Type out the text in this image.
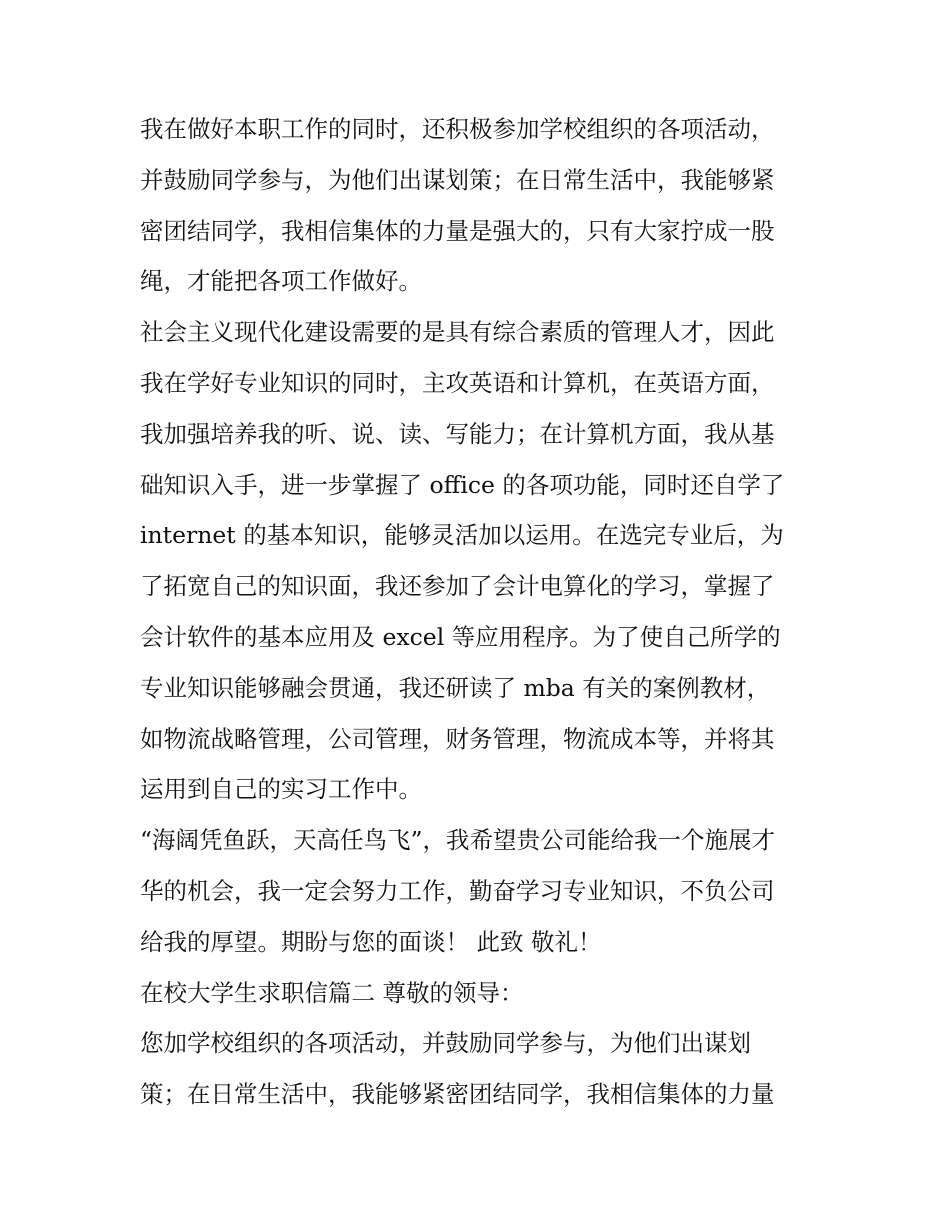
我在做好本职工作的同时，还积极参加学校组织的各项活动，
并鼓励同学参与，为他们出谋划策；在日常生活中，我能够紧
密团结同学，我相信集体的力量是强大的，只有大家拧成一股
绳，才能把各项工作做好。

社会主义现代化建设需要的是具有综合素质的管理人才，因此
我在学好专业知识的同时，主攻英语和计算机，在英语方面，
我加强培养我的听、说、读、写能力；在计算机方面，我从基
础知识入手，进一步掌握了 office 的各项功能，同时还自学了
internet 的基本知识，能够灵活加以运用。在选完专业后，为
了拓宽自己的知识面，我还参加了会计电算化的学习，掌握了
会计软件的基本应用及 excel 等应用程序。为了使自己所学的
专业知识能够融会贯通，我还研读了 mba 有关的案例教材，
如物流战略管理，公司管理，财务管理，物流成本等，并将其
运用到自己的实习工作中。

“海阔凭鱼跃，天高任鸟飞”，我希望贵公司能给我一个施展才
华的机会，我一定会努力工作，勤奋学习专业知识，不负公司
给我的厚望。期盼与您的面谈！ 此致 敬礼！

在校大学生求职信篇二 尊敬的领导：

您加学校组织的各项活动，并鼓励同学参与，为他们出谋划
策；在日常生活中，我能够紧密团结同学，我相信集体的力量
